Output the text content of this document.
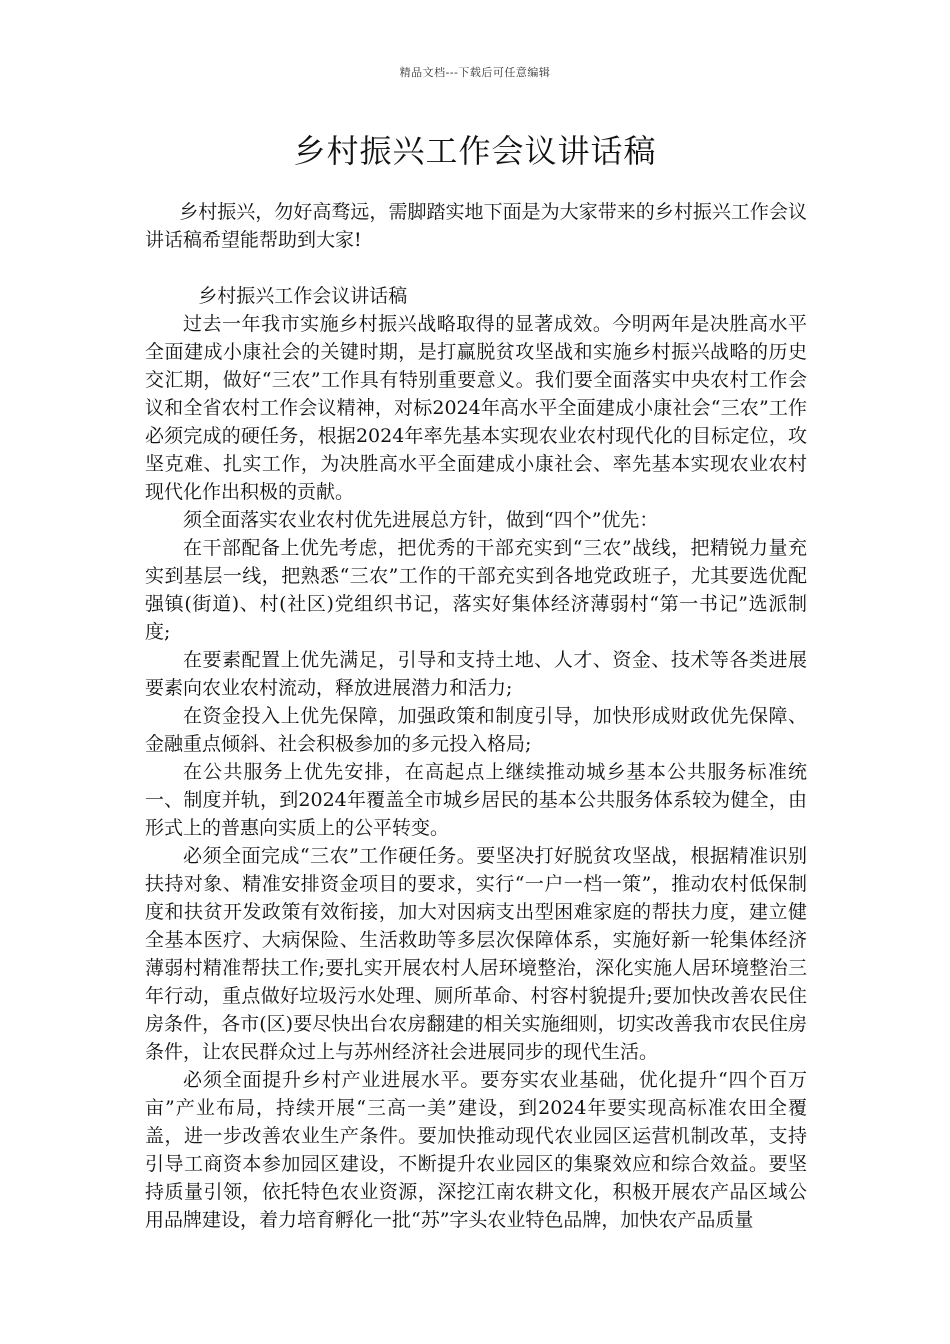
精品文档---下载后可任意编辑
乡村振兴工作会议讲话稿

乡村振兴，勿好高骛远，需脚踏实地下面是为大家带来的乡村振兴工作会议讲话稿希望能帮助到大家!

乡村振兴工作会议讲话稿

过去一年我市实施乡村振兴战略取得的显著成效。今明两年是决胜高水平全面建成小康社会的关键时期，是打赢脱贫攻坚战和实施乡村振兴战略的历史交汇期，做好“三农”工作具有特别重要意义。我们要全面落实中央农村工作会议和全省农村工作会议精神，对标2024年高水平全面建成小康社会“三农”工作必须完成的硬任务，根据2024年率先基本实现农业农村现代化的目标定位，攻坚克难、扎实工作，为决胜高水平全面建成小康社会、率先基本实现农业农村现代化作出积极的贡献。

须全面落实农业农村优先进展总方针，做到“四个”优先：

在干部配备上优先考虑，把优秀的干部充实到“三农”战线，把精锐力量充实到基层一线，把熟悉“三农”工作的干部充实到各地党政班子，尤其要选优配强镇(街道)、村(社区)党组织书记，落实好集体经济薄弱村“第一书记”选派制度;

在要素配置上优先满足，引导和支持土地、人才、资金、技术等各类进展要素向农业农村流动，释放进展潜力和活力;

在资金投入上优先保障，加强政策和制度引导，加快形成财政优先保障、金融重点倾斜、社会积极参加的多元投入格局;

在公共服务上优先安排，在高起点上继续推动城乡基本公共服务标准统一、制度并轨，到2024年覆盖全市城乡居民的基本公共服务体系较为健全，由形式上的普惠向实质上的公平转变。

必须全面完成“三农”工作硬任务。要坚决打好脱贫攻坚战，根据精准识别扶持对象、精准安排资金项目的要求，实行“一户一档一策”，推动农村低保制度和扶贫开发政策有效衔接，加大对因病支出型困难家庭的帮扶力度，建立健全基本医疗、大病保险、生活救助等多层次保障体系，实施好新一轮集体经济薄弱村精准帮扶工作;要扎实开展农村人居环境整治，深化实施人居环境整治三年行动，重点做好垃圾污水处理、厕所革命、村容村貌提升;要加快改善农民住房条件，各市(区)要尽快出台农房翻建的相关实施细则，切实改善我市农民住房条件，让农民群众过上与苏州经济社会进展同步的现代生活。

必须全面提升乡村产业进展水平。要夯实农业基础，优化提升“四个百万亩”产业布局，持续开展“三高一美”建设，到2024年要实现高标准农田全覆盖，进一步改善农业生产条件。要加快推动现代农业园区运营机制改革，支持引导工商资本参加园区建设，不断提升农业园区的集聚效应和综合效益。要坚持质量引领，依托特色农业资源，深挖江南农耕文化，积极开展农产品区域公用品牌建设，着力培育孵化一批“苏”字头农业特色品牌，加快农产品质量
